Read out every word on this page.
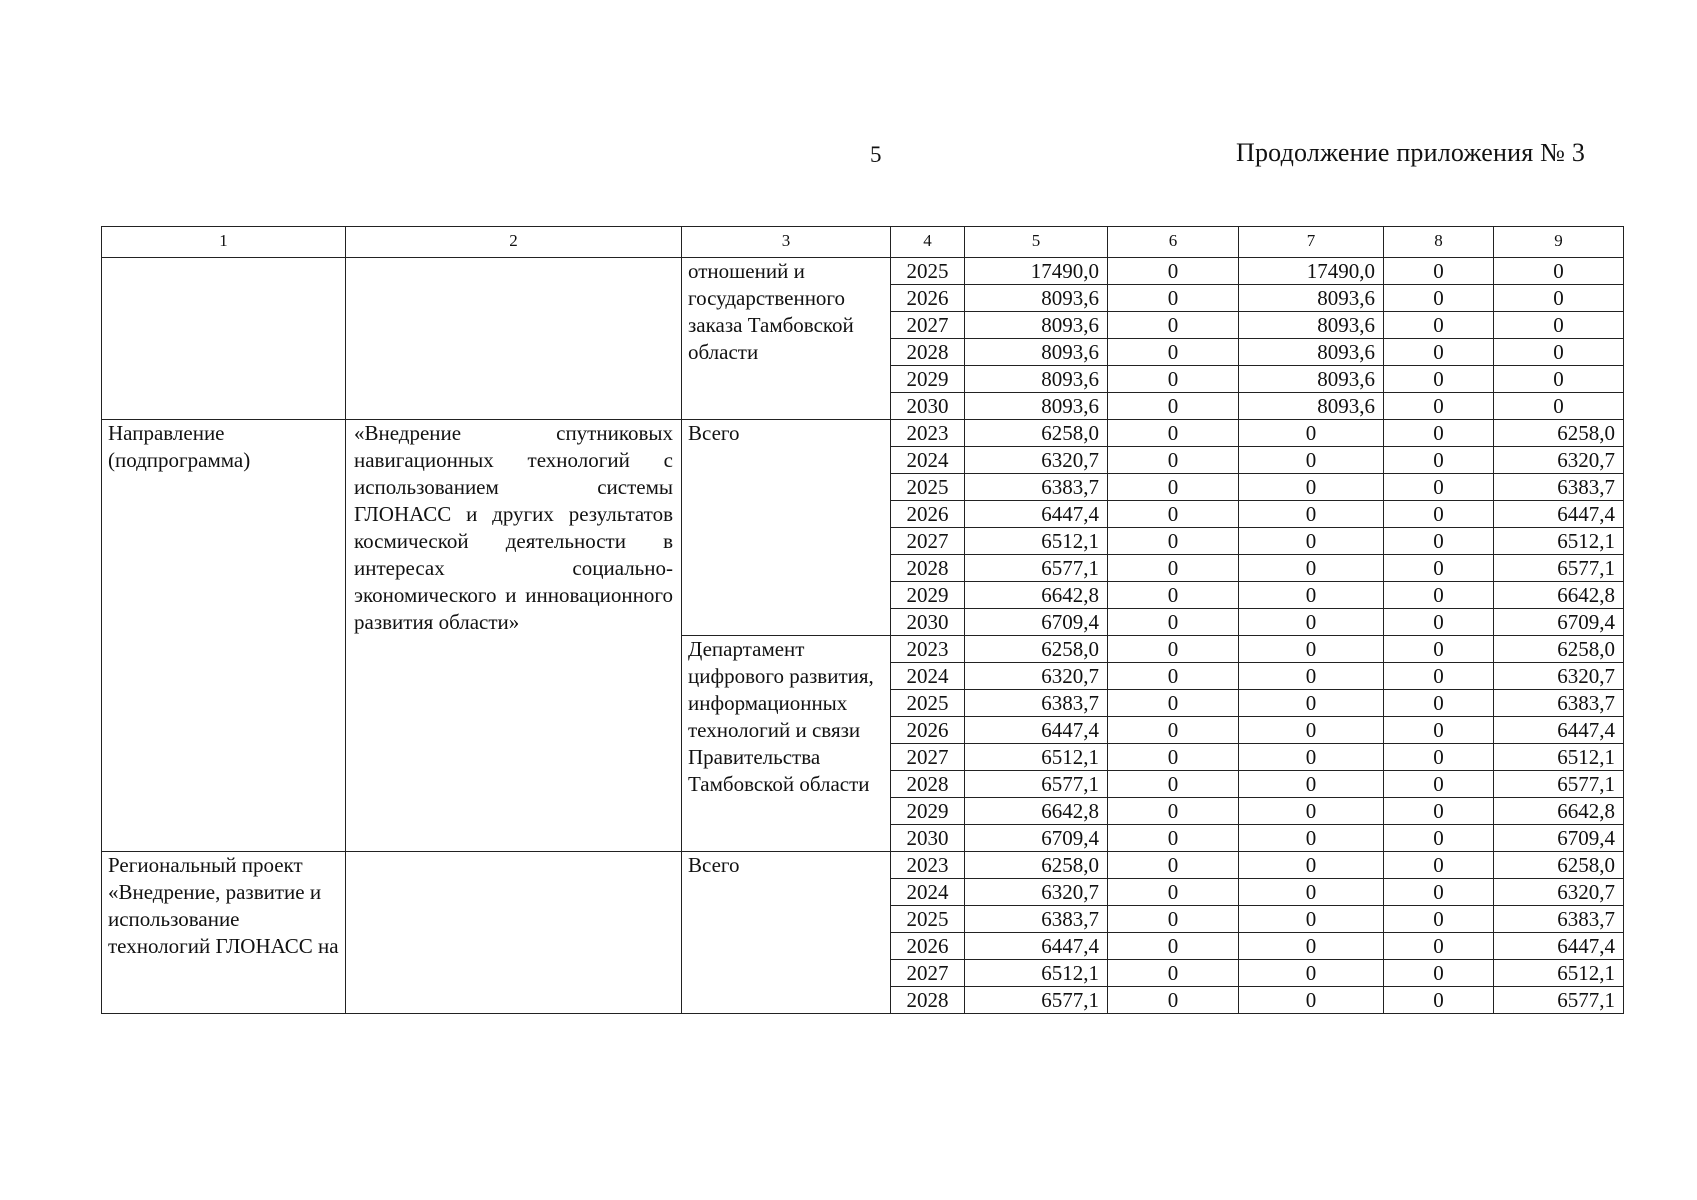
5	Продолжение приложения № 3
1	2	3	4	5	6	7	8	9
		отношений и государственного заказа Тамбовской области	2025	17490,0	0	17490,0	0	0
			2026	8093,6	0	8093,6	0	0
			2027	8093,6	0	8093,6	0	0
			2028	8093,6	0	8093,6	0	0
			2029	8093,6	0	8093,6	0	0
			2030	8093,6	0	8093,6	0	0
Направление (подпрограмма)	«Внедрение спутниковых навигационных технологий с использованием системы ГЛОНАСС и других результатов космической деятельности в интересах социально-экономического и инновационного развития области»	Всего	2023	6258,0	0	0	0	6258,0
			2024	6320,7	0	0	0	6320,7
			2025	6383,7	0	0	0	6383,7
			2026	6447,4	0	0	0	6447,4
			2027	6512,1	0	0	0	6512,1
			2028	6577,1	0	0	0	6577,1
			2029	6642,8	0	0	0	6642,8
			2030	6709,4	0	0	0	6709,4
		Департамент цифрового развития, информационных технологий и связи Правительства Тамбовской области	2023	6258,0	0	0	0	6258,0
			2024	6320,7	0	0	0	6320,7
			2025	6383,7	0	0	0	6383,7
			2026	6447,4	0	0	0	6447,4
			2027	6512,1	0	0	0	6512,1
			2028	6577,1	0	0	0	6577,1
			2029	6642,8	0	0	0	6642,8
			2030	6709,4	0	0	0	6709,4
Региональный проект «Внедрение, развитие и использование технологий ГЛОНАСС на		Всего	2023	6258,0	0	0	0	6258,0
			2024	6320,7	0	0	0	6320,7
			2025	6383,7	0	0	0	6383,7
			2026	6447,4	0	0	0	6447,4
			2027	6512,1	0	0	0	6512,1
			2028	6577,1	0	0	0	6577,1
